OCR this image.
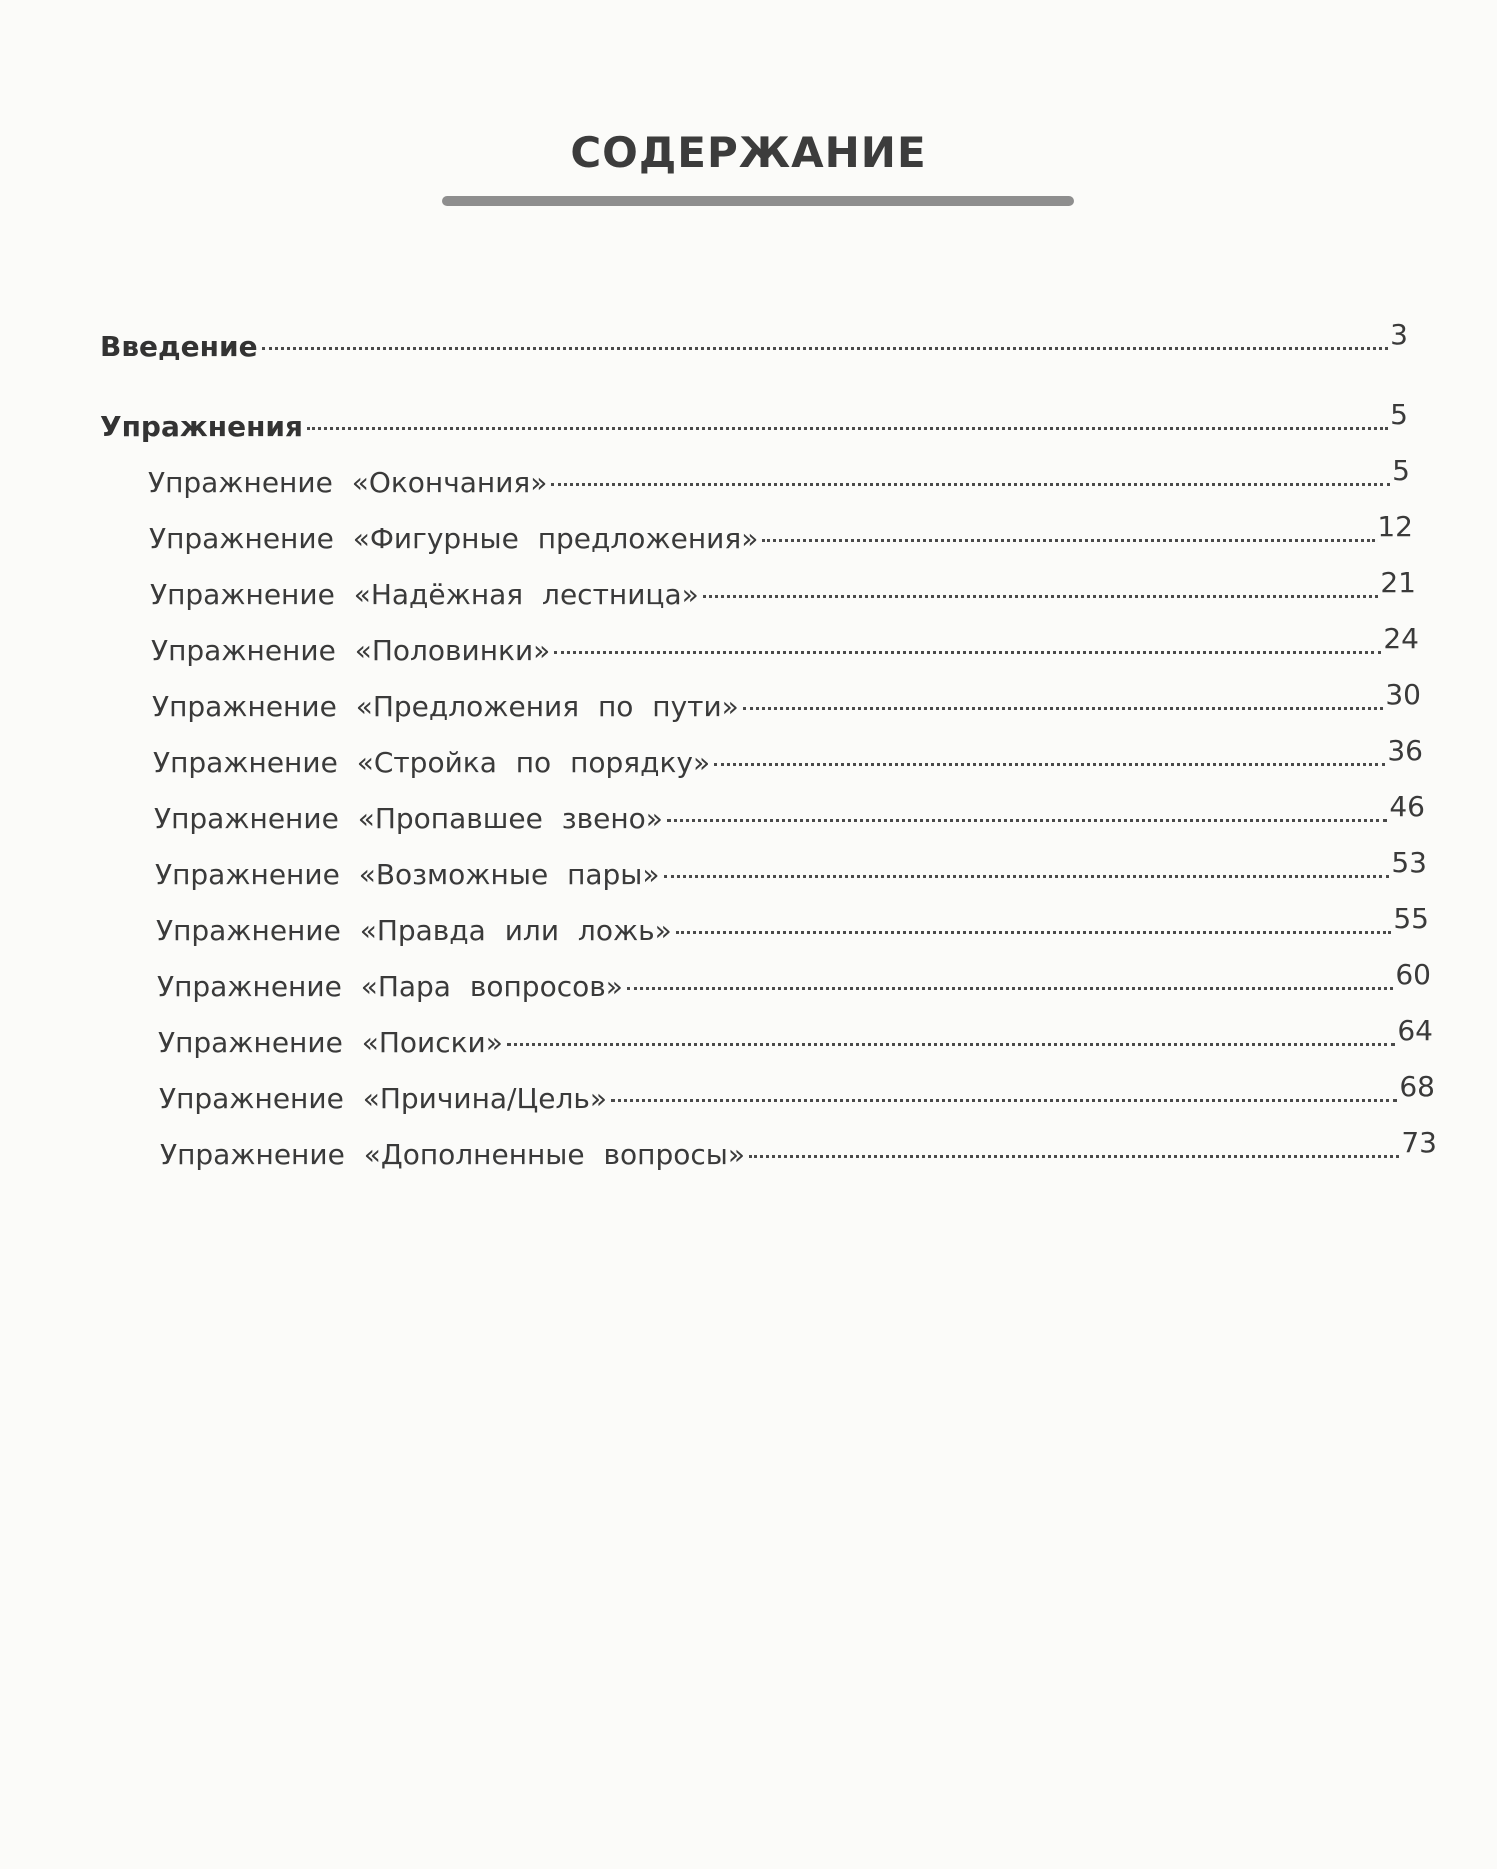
СОДЕРЖАНИЕ
Введение	3
Упражнения	5
Упражнение «Окончания»	5
Упражнение «Фигурные предложения»	12
Упражнение «Надёжная лестница»	21
Упражнение «Половинки»	24
Упражнение «Предложения по пути»	30
Упражнение «Стройка по порядку»	36
Упражнение «Пропавшее звено»	46
Упражнение «Возможные пары»	53
Упражнение «Правда или ложь»	55
Упражнение «Пара вопросов»	60
Упражнение «Поиски»	64
Упражнение «Причина/Цель»	68
Упражнение «Дополненные вопросы»	73
